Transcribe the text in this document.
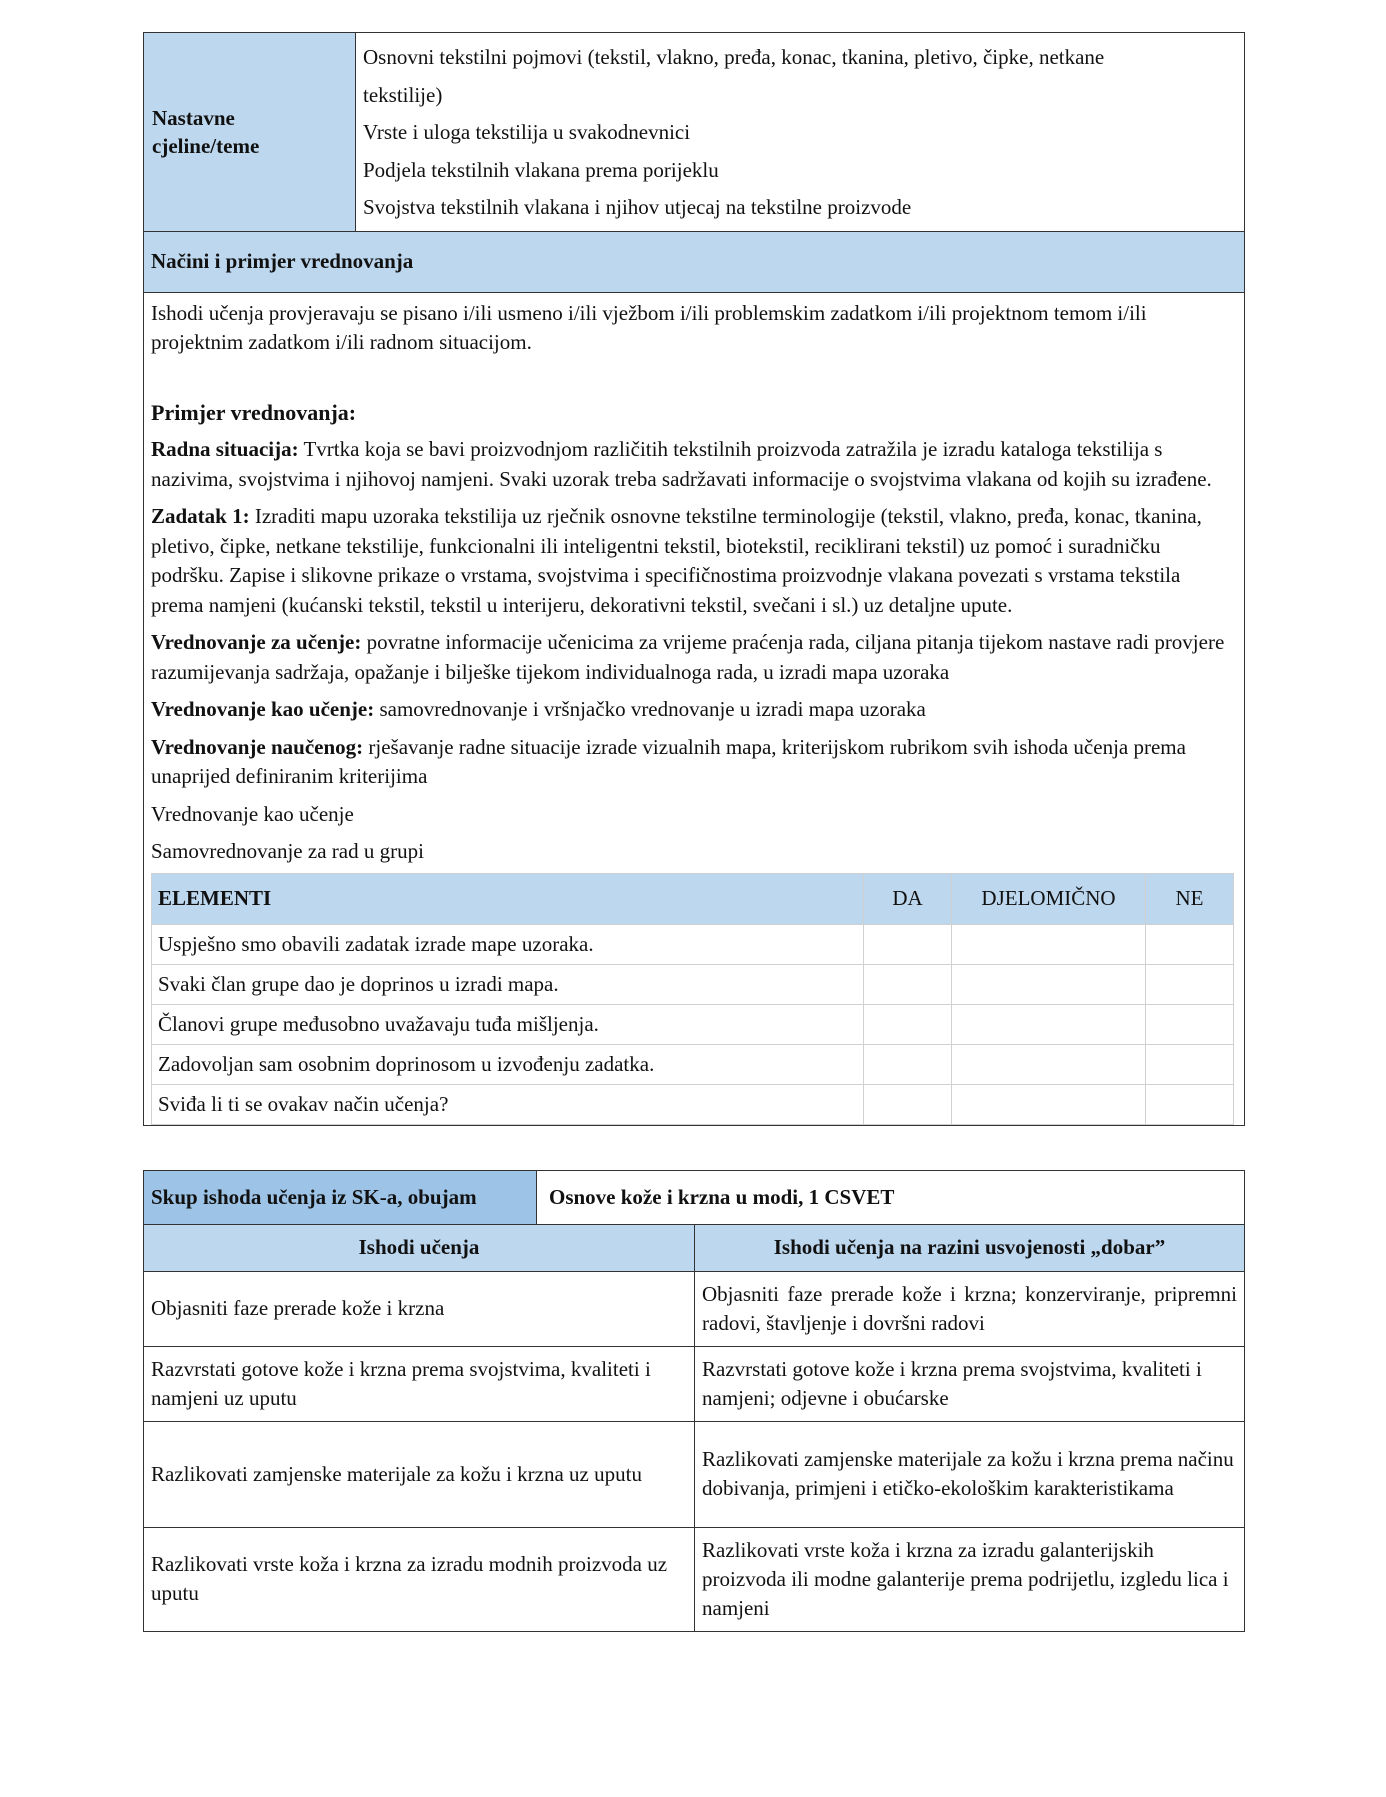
Nastavne cjeline/teme	
Osnovni tekstilni pojmovi (tekstil, vlakno, pređa, konac, tkanina, pletivo, čipke, netkane
tekstilije)
Vrste i uloga tekstilija u svakodnevnici
Podjela tekstilnih vlakana prema porijeklu
Svojstva tekstilnih vlakana i njihov utjecaj na tekstilne proizvode

Načini i primjer vrednovanja

Ishodi učenja provjeravaju se pisano i/ili usmeno i/ili vježbom i/ili problemskim zadatkom i/ili projektnom temom i/ili projektnim zadatkom i/ili radnom situacijom.

Primjer vrednovanja:

Radna situacija: Tvrtka koja se bavi proizvodnjom različitih tekstilnih proizvoda zatražila je izradu kataloga tekstilija s nazivima, svojstvima i njihovoj namjeni. Svaki uzorak treba sadržavati informacije o svojstvima vlakana od kojih su izrađene.

Zadatak 1: Izraditi mapu uzoraka tekstilija uz rječnik osnovne tekstilne terminologije (tekstil, vlakno, pređa, konac, tkanina, pletivo, čipke, netkane tekstilije, funkcionalni ili inteligentni tekstil, biotekstil, reciklirani tekstil) uz pomoć i suradničku podršku. Zapise i slikovne prikaze o vrstama, svojstvima i specifičnostima proizvodnje vlakana povezati s vrstama tekstila prema namjeni (kućanski tekstil, tekstil u interijeru, dekorativni tekstil, svečani i sl.) uz detaljne upute.

Vrednovanje za učenje: povratne informacije učenicima za vrijeme praćenja rada, ciljana pitanja tijekom nastave radi provjere razumijevanja sadržaja, opažanje i bilješke tijekom individualnoga rada, u izradi mapa uzoraka

Vrednovanje kao učenje: samovrednovanje i vršnjačko vrednovanje u izradi mapa uzoraka

Vrednovanje naučenog: rješavanje radne situacije izrade vizualnih mapa, kriterijskom rubrikom svih ishoda učenja prema unaprijed definiranim kriterijima

Vrednovanje kao učenje

Samovrednovanje za rad u grupi

ELEMENTI	DA	DJELOMIČNO	NE
Uspješno smo obavili zadatak izrade mape uzoraka.			
Svaki član grupe dao je doprinos u izradi mapa.			
Članovi grupe međusobno uvažavaju tuđa mišljenja.			
Zadovoljan sam osobnim doprinosom u izvođenju zadatka.			
Sviđa li ti se ovakav način učenja?			
Skup ishoda učenja iz SK-a, obujam	Osnove kože i krzna u modi, 1 CSVET	
Ishodi učenja		Ishodi učenja na razini usvojenosti „dobar”
Objasniti faze prerade kože i krzna		Objasniti faze prerade kože i krzna; konzerviranje, pripremni radovi, štavljenje i dovršni radovi
Razvrstati gotove kože i krzna prema svojstvima, kvaliteti i namjeni uz uputu		Razvrstati gotove kože i krzna prema svojstvima, kvaliteti i namjeni; odjevne i obućarske
Razlikovati zamjenske materijale za kožu i krzna uz uputu		Razlikovati zamjenske materijale za kožu i krzna prema načinu dobivanja, primjeni i etičko-ekološkim karakteristikama
Razlikovati vrste koža i krzna za izradu modnih proizvoda uz uputu		Razlikovati vrste koža i krzna za izradu galanterijskih proizvoda ili modne galanterije prema podrijetlu, izgledu lica i namjeni
